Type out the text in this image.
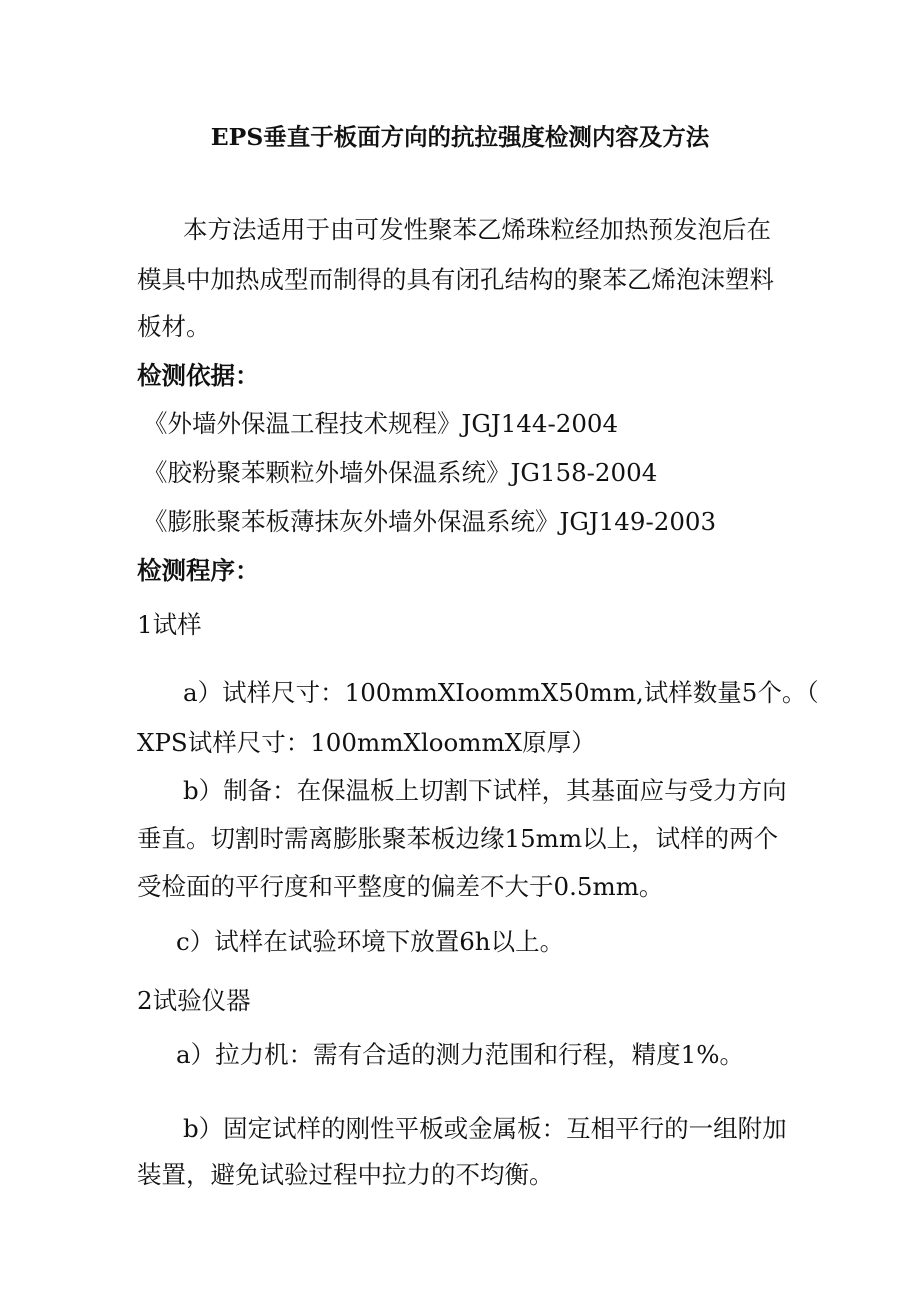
EPS垂直于板面方向的抗拉强度检测内容及方法
本方法适用于由可发性聚苯乙烯珠粒经加热预发泡后在
模具中加热成型而制得的具有闭孔结构的聚苯乙烯泡沫塑料
板材。
检测依据：
《外墙外保温工程技术规程》JGJ144-2004
《胶粉聚苯颗粒外墙外保温系统》JG158-2004
《膨胀聚苯板薄抹灰外墙外保温系统》JGJ149-2003
检测程序：
1试样
a）试样尺寸：100mmXIoommX50mm,试样数量5个。（
XPS试样尺寸：100mmXloommX原厚）
b）制备：在保温板上切割下试样，其基面应与受力方向
垂直。切割时需离膨胀聚苯板边缘15mm以上，试样的两个
受检面的平行度和平整度的偏差不大于0.5mm。
c）试样在试验环境下放置6h以上。
2试验仪器
a）拉力机：需有合适的测力范围和行程，精度1%。
b）固定试样的刚性平板或金属板：互相平行的一组附加
装置，避免试验过程中拉力的不均衡。
